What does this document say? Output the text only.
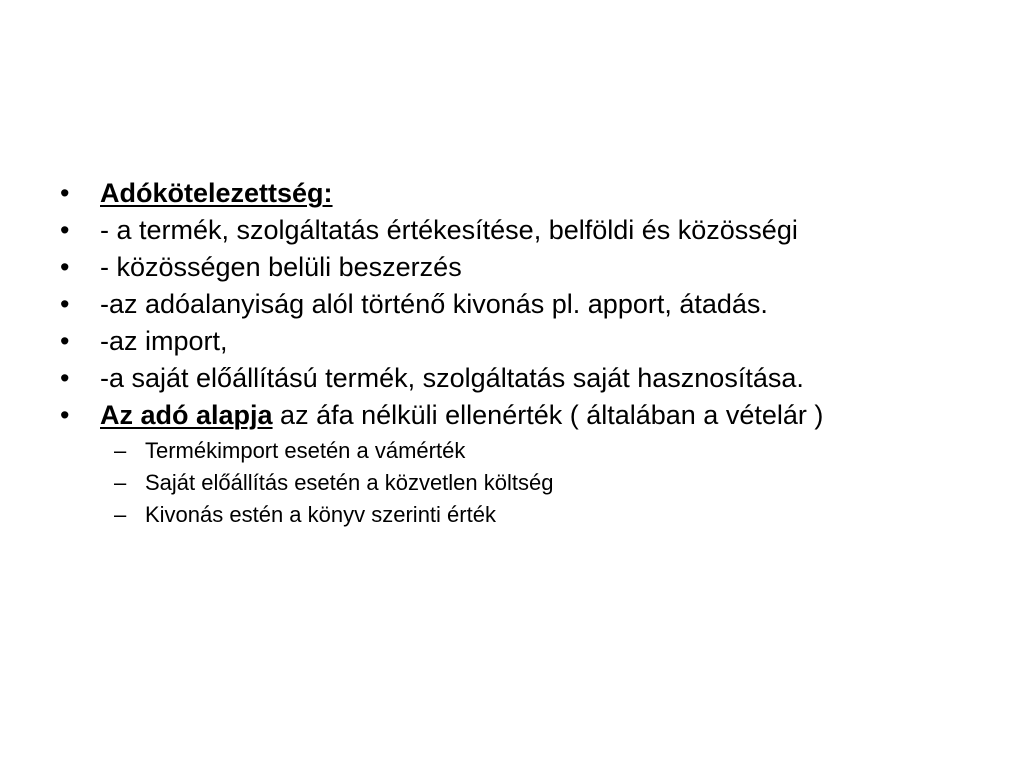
• Adókötelezettség:
• - a termék, szolgáltatás értékesítése, belföldi és közösségi
• - közösségen belüli beszerzés
• -az adóalanyiság alól történő kivonás pl. apport, átadás.
• -az import,
• -a saját előállítású termék, szolgáltatás saját hasznosítása.
• Az adó alapja az áfa nélküli ellenérték ( általában a vételár )
– Termékimport esetén a vámérték
– Saját előállítás esetén a közvetlen költség
– Kivonás estén a könyv szerinti érték
